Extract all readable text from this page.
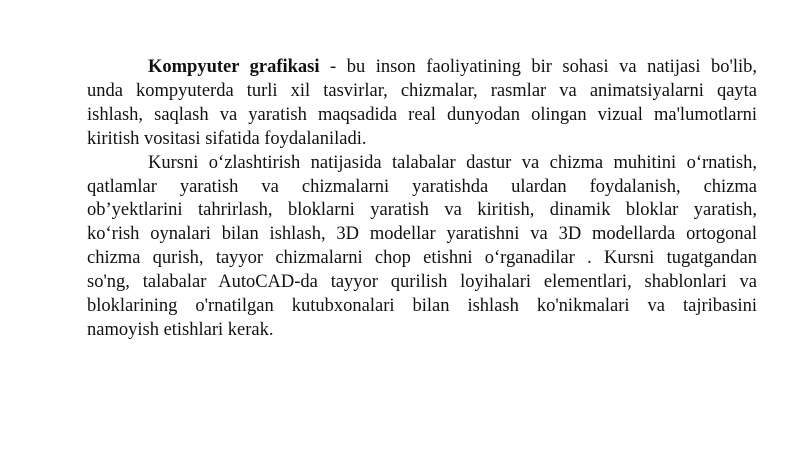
Kompyuter grafikasi - bu inson faoliyatining bir sohasi va natijasi bo'lib,
unda kompyuterda turli xil tasvirlar, chizmalar, rasmlar va animatsiyalarni qayta
ishlash, saqlash va yaratish maqsadida real dunyodan olingan vizual ma'lumotlarni
kiritish vositasi sifatida foydalaniladi.
Kursni o‘zlashtirish natijasida talabalar dastur va chizma muhitini o‘rnatish,
qatlamlar yaratish va chizmalarni yaratishda ulardan foydalanish, chizma
ob’yektlarini tahrirlash, bloklarni yaratish va kiritish, dinamik bloklar yaratish,
ko‘rish oynalari bilan ishlash, 3D modellar yaratishni va 3D modellarda ortogonal
chizma qurish, tayyor chizmalarni chop etishni o‘rganadilar . Kursni tugatgandan
so'ng, talabalar AutoCAD-da tayyor qurilish loyihalari elementlari, shablonlari va
bloklarining o'rnatilgan kutubxonalari bilan ishlash ko'nikmalari va tajribasini
namoyish etishlari kerak.
